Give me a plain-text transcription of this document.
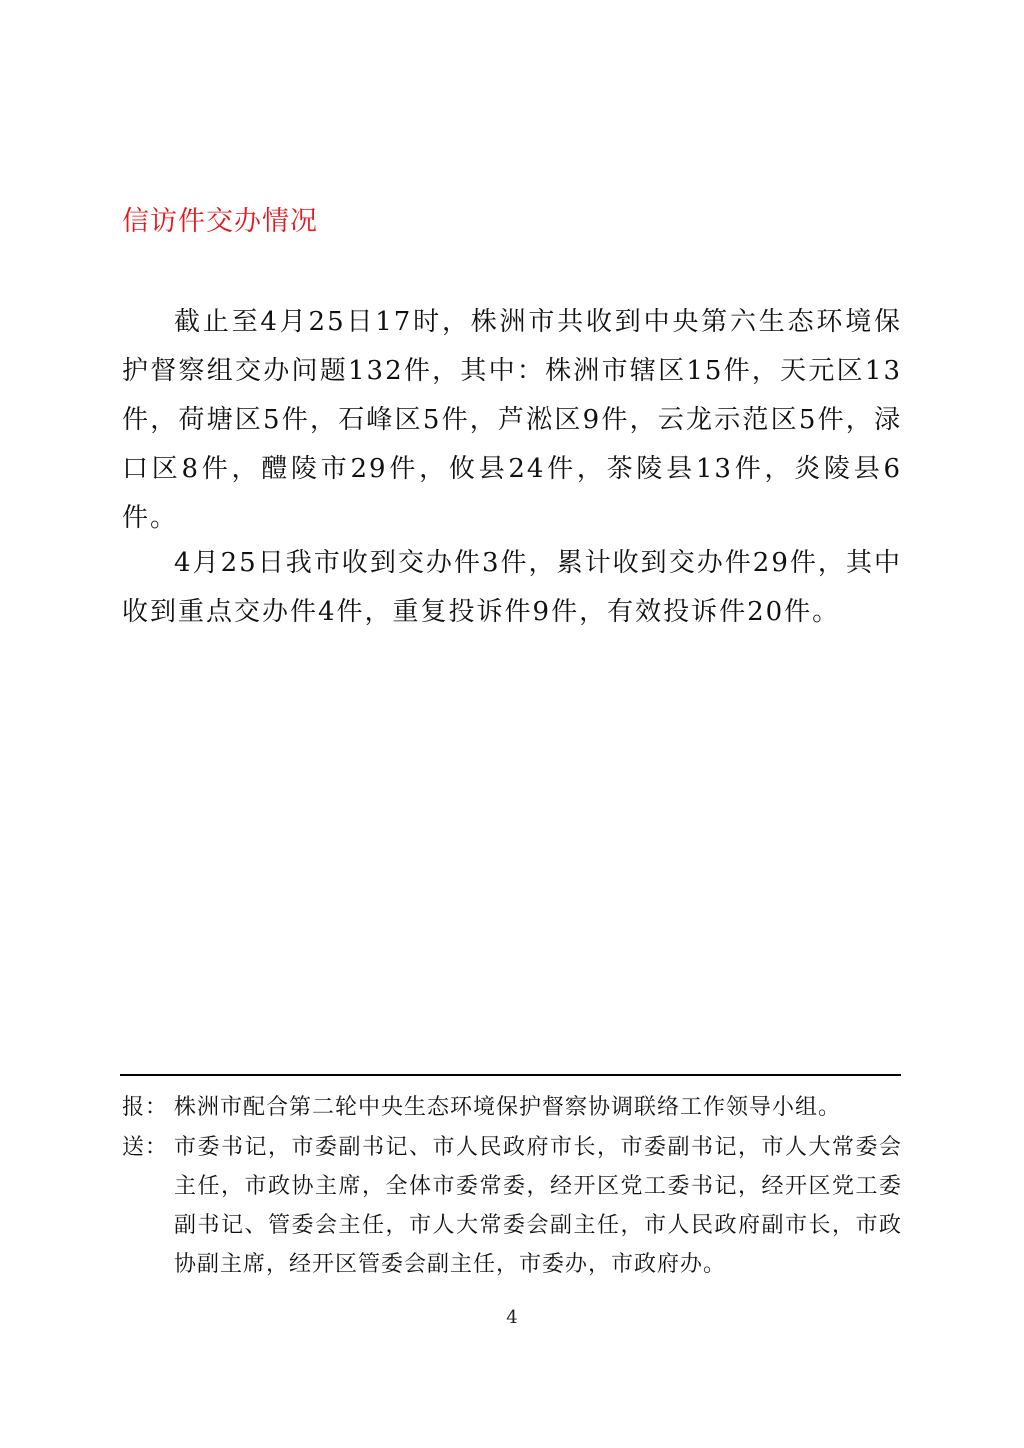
信访件交办情况

截止至4月25日17时，株洲市共收到中央第六生态环境保护督察组交办问题132件，其中：株洲市辖区15件，天元区13件，荷塘区5件，石峰区5件，芦淞区9件，云龙示范区5件，渌口区8件，醴陵市29件，攸县24件，茶陵县13件，炎陵县6件。

4月25日我市收到交办件3件，累计收到交办件29件，其中收到重点交办件4件，重复投诉件9件，有效投诉件20件。

报： 株洲市配合第二轮中央生态环境保护督察协调联络工作领导小组。
送： 市委书记，市委副书记、市人民政府市长，市委副书记，市人大常委会主任，市政协主席，全体市委常委，经开区党工委书记，经开区党工委副书记、管委会主任，市人大常委会副主任，市人民政府副市长，市政协副主席，经开区管委会副主任，市委办，市政府办。
4
